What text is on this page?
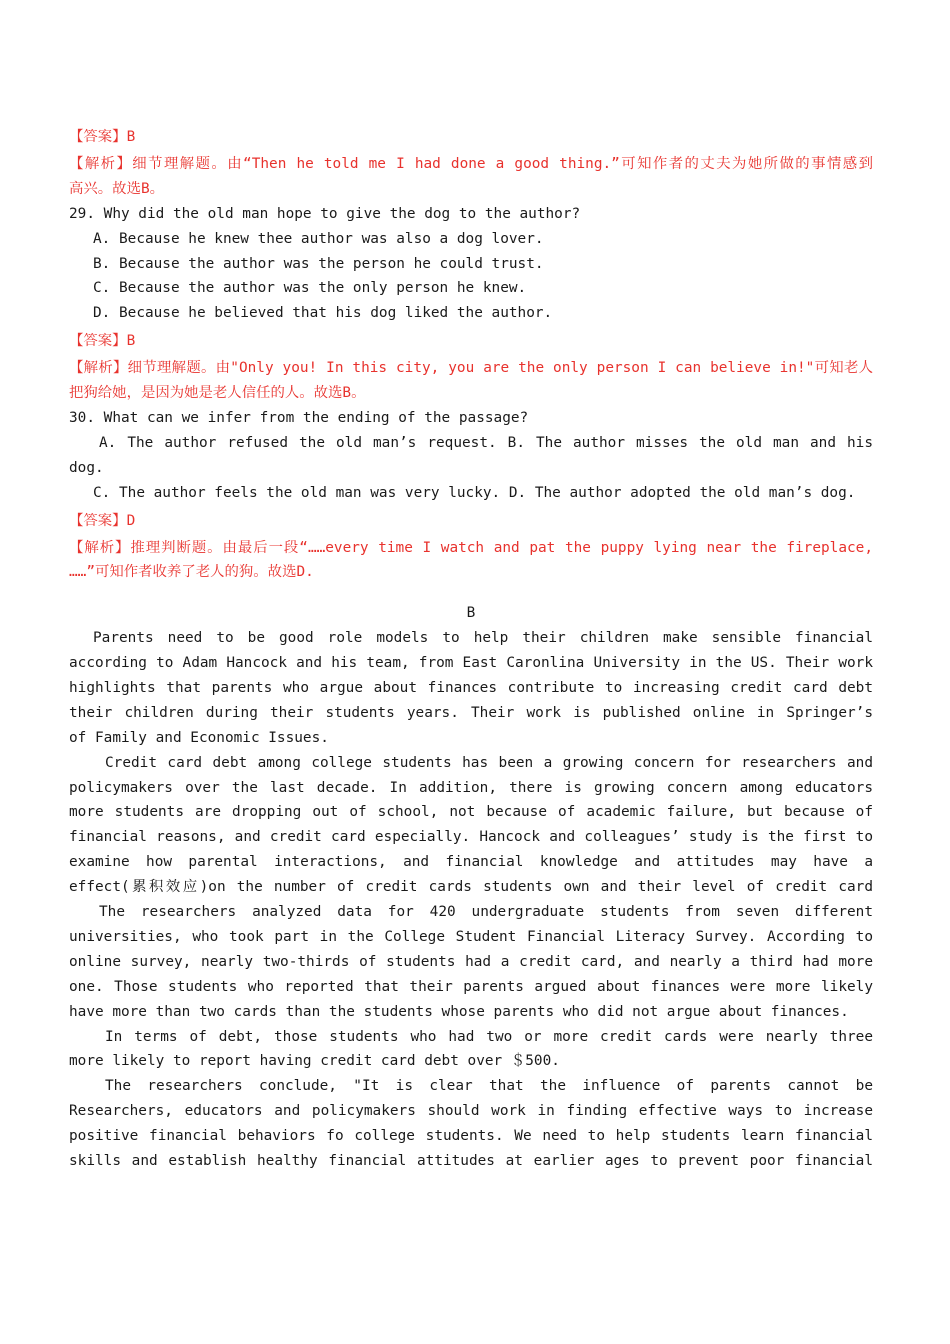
【答案】B
【解析】细节理解题。由“Then he told me I had done a good thing.”可知作者的丈夫为她所做的事情感到
高兴。故选B。
29. Why did the old man hope to give the dog to the author?
A. Because he knew thee author was also a dog lover.
B. Because the author was the person he could trust.
C. Because the author was the only person he knew.
D. Because he believed that his dog liked the author.
【答案】B
【解析】细节理解题。由"Only you! In this city, you are the only person I can believe in!"可知老人
把狗给她，是因为她是老人信任的人。故选B。
30. What can we infer from the ending of the passage?
A. The author refused the old man’s request. B. The author misses the old man and his
dog.
C. The author feels the old man was very lucky. D. The author adopted the old man’s dog.
【答案】D
【解析】推理判断题。由最后一段“……every time I watch and pat the puppy lying near the fireplace,
……”可知作者收养了老人的狗。故选D.
B
Parents need to be good role models to help their children make sensible financial
according to Adam Hancock and his team, from East Caronlina University in the US. Their work
highlights that parents who argue about finances contribute to increasing credit card debt
their children during their students years. Their work is published online in Springer’s
of Family and Economic Issues.
Credit card debt among college students has been a growing concern for researchers and
policymakers over the last decade. In addition, there is growing concern among educators
more students are dropping out of school, not because of academic failure, but because of
financial reasons, and credit card especially. Hancock and colleagues’ study is the first to
examine how parental interactions, and financial knowledge and attitudes may have a
effect(累积效应)on the number of credit cards students own and their level of credit card
The researchers analyzed data for 420 undergraduate students from seven different
universities, who took part in the College Student Financial Literacy Survey. According to
online survey, nearly two-thirds of students had a credit card, and nearly a third had more
one. Those students who reported that their parents argued about finances were more likely
have more than two cards than the students whose parents who did not argue about finances.
In terms of debt, those students who had two or more credit cards were nearly three
more likely to report having credit card debt over ＄500.
The researchers conclude, "It is clear that the influence of parents cannot be
Researchers, educators and policymakers should work in finding effective ways to increase
positive financial behaviors fo college students. We need to help students learn financial
skills and establish healthy financial attitudes at earlier ages to prevent poor financial
